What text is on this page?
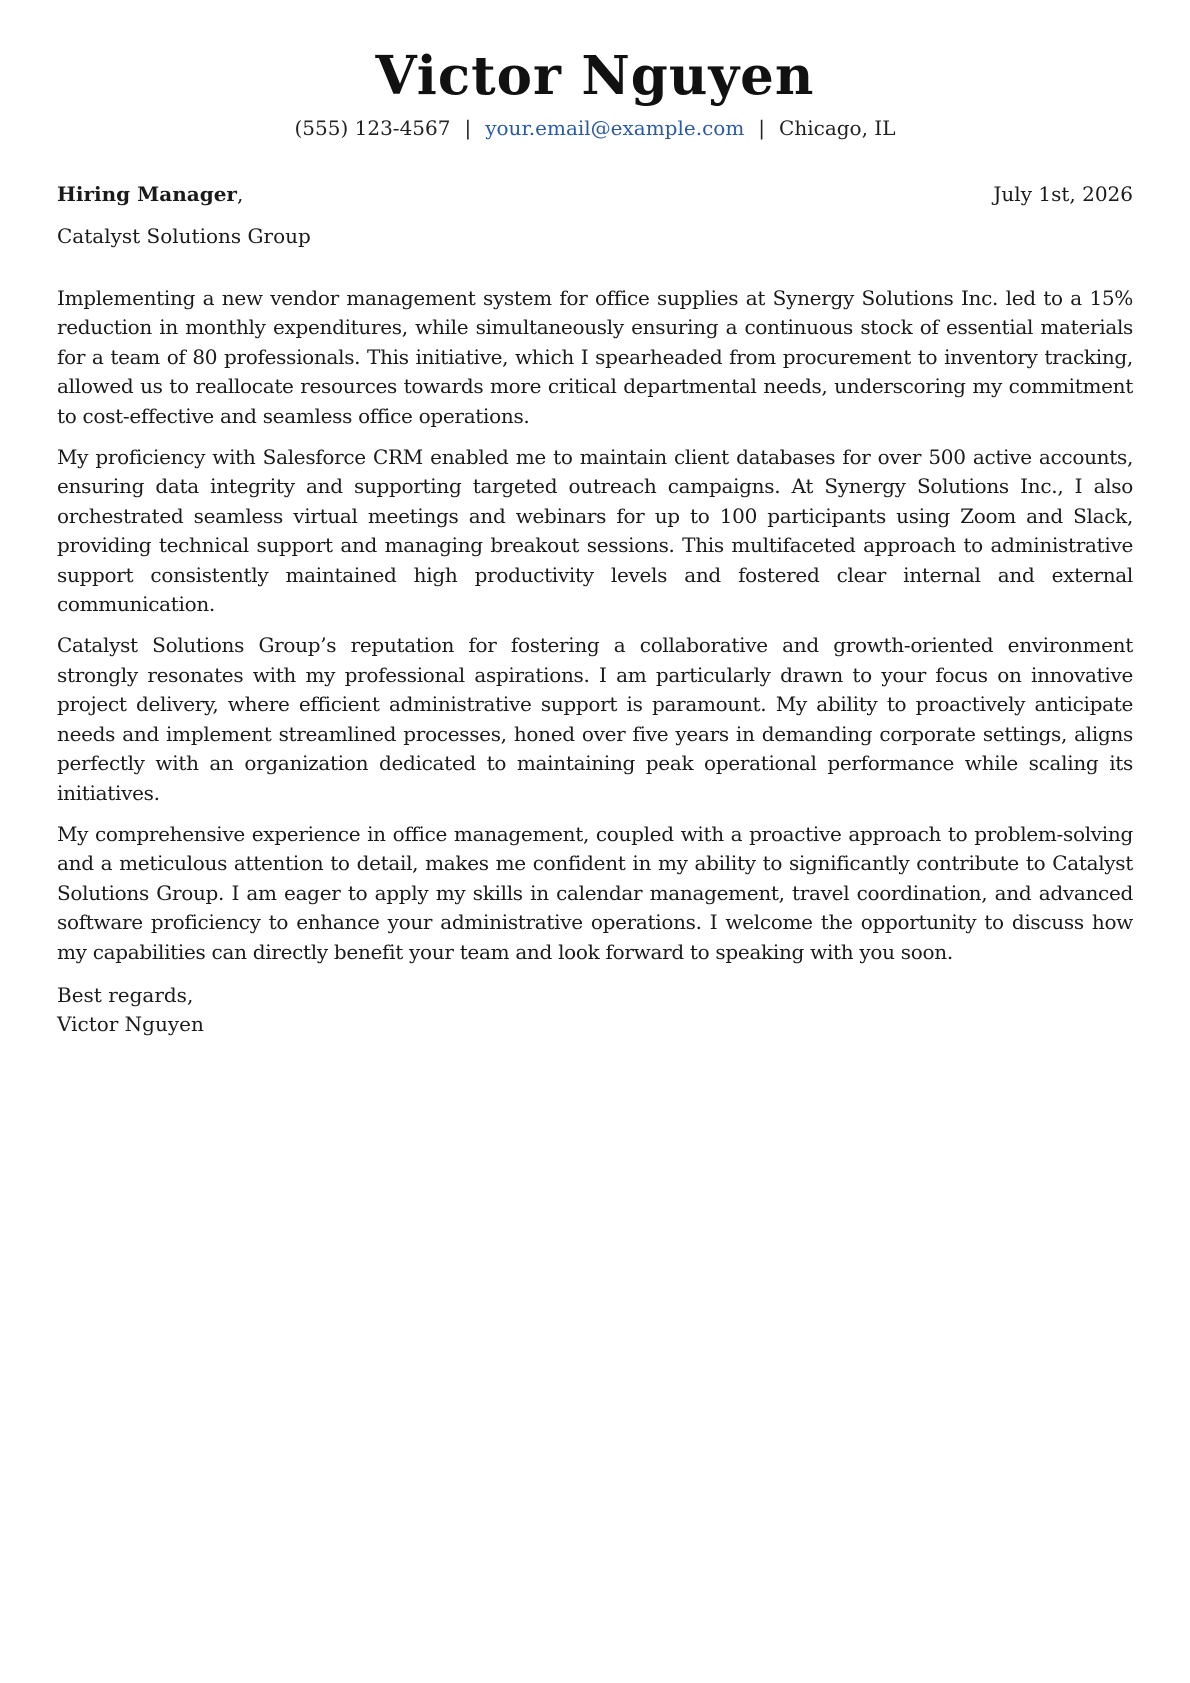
Victor Nguyen
(555) 123-4567 | your.email@example.com | Chicago, IL
Hiring Manager,	July 1st, 2026
Catalyst Solutions Group

Implementing a new vendor management system for office supplies at Synergy Solutions Inc. led to a 15% reduction in monthly expenditures, while simultaneously ensuring a continuous stock of essential materials for a team of 80 professionals. This initiative, which I spearheaded from procurement to inventory tracking, allowed us to reallocate resources towards more critical departmental needs, underscoring my commitment to cost-effective and seamless office operations.

My proficiency with Salesforce CRM enabled me to maintain client databases for over 500 active accounts, ensuring data integrity and supporting targeted outreach campaigns. At Synergy Solutions Inc., I also orchestrated seamless virtual meetings and webinars for up to 100 participants using Zoom and Slack, providing technical support and managing breakout sessions. This multifaceted approach to administrative support consistently maintained high productivity levels and fostered clear internal and external communication.

Catalyst Solutions Group’s reputation for fostering a collaborative and growth-oriented environment strongly resonates with my professional aspirations. I am particularly drawn to your focus on innovative project delivery, where efficient administrative support is paramount. My ability to proactively anticipate needs and implement streamlined processes, honed over five years in demanding corporate settings, aligns perfectly with an organization dedicated to maintaining peak operational performance while scaling its initiatives.

My comprehensive experience in office management, coupled with a proactive approach to problem-solving and a meticulous attention to detail, makes me confident in my ability to significantly contribute to Catalyst Solutions Group. I am eager to apply my skills in calendar management, travel coordination, and advanced software proficiency to enhance your administrative operations. I welcome the opportunity to discuss how my capabilities can directly benefit your team and look forward to speaking with you soon.

Best regards,
Victor Nguyen
